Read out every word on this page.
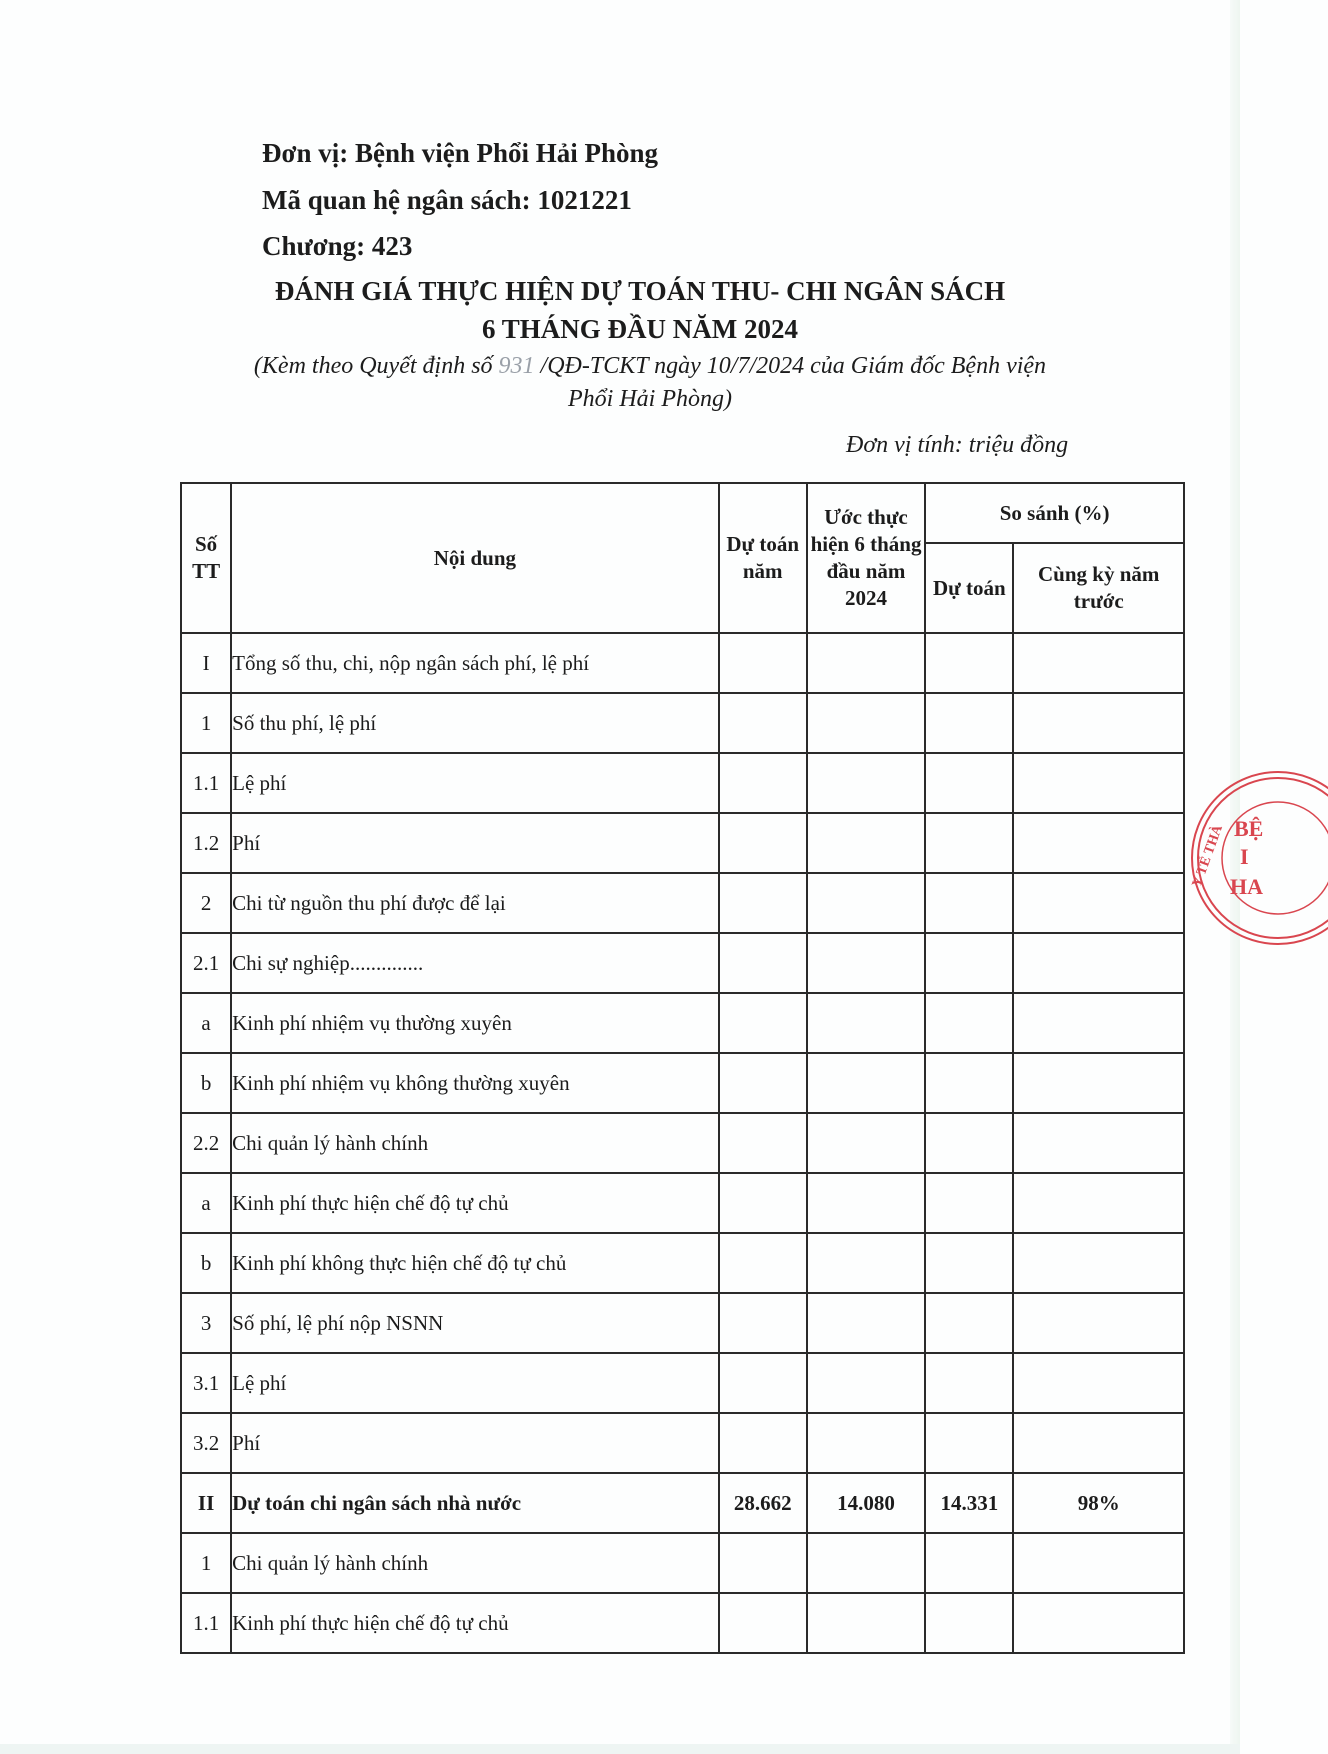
Đơn vị: Bệnh viện Phổi Hải Phòng
Mã quan hệ ngân sách: 1021221
Chương: 423
ĐÁNH GIÁ THỰC HIỆN DỰ TOÁN THU- CHI NGÂN SÁCH
6 THÁNG ĐẦU NĂM 2024
(Kèm theo Quyết định số 931 /QĐ-TCKT ngày 10/7/2024 của Giám đốc Bệnh viện
Phổi Hải Phòng)
Đơn vị tính: triệu đồng
Số TT	Nội dung	Dự toán năm	Ước thực hiện 6 tháng đầu năm 2024	So sánh (%)	
				Dự toán	Cùng kỳ năm trước
I	Tổng số thu, chi, nộp ngân sách phí, lệ phí				
1	Số thu phí, lệ phí				
1.1	Lệ phí				
1.2	Phí				
2	Chi từ nguồn thu phí được để lại				
2.1	Chi sự nghiệp..............				
a	Kinh phí nhiệm vụ thường xuyên				
b	Kinh phí nhiệm vụ không thường xuyên				
2.2	Chi quản lý hành chính				
a	Kinh phí thực hiện chế độ tự chủ				
b	Kinh phí không thực hiện chế độ tự chủ				
3	Số phí, lệ phí nộp NSNN				
3.1	Lệ phí				
3.2	Phí				
II	Dự toán chi ngân sách nhà nước	28.662	14.080	14.331	98%
1	Chi quản lý hành chính				
1.1	Kinh phí thực hiện chế độ tự chủ				
Y TẾ THÀ BỆ
I
HA
